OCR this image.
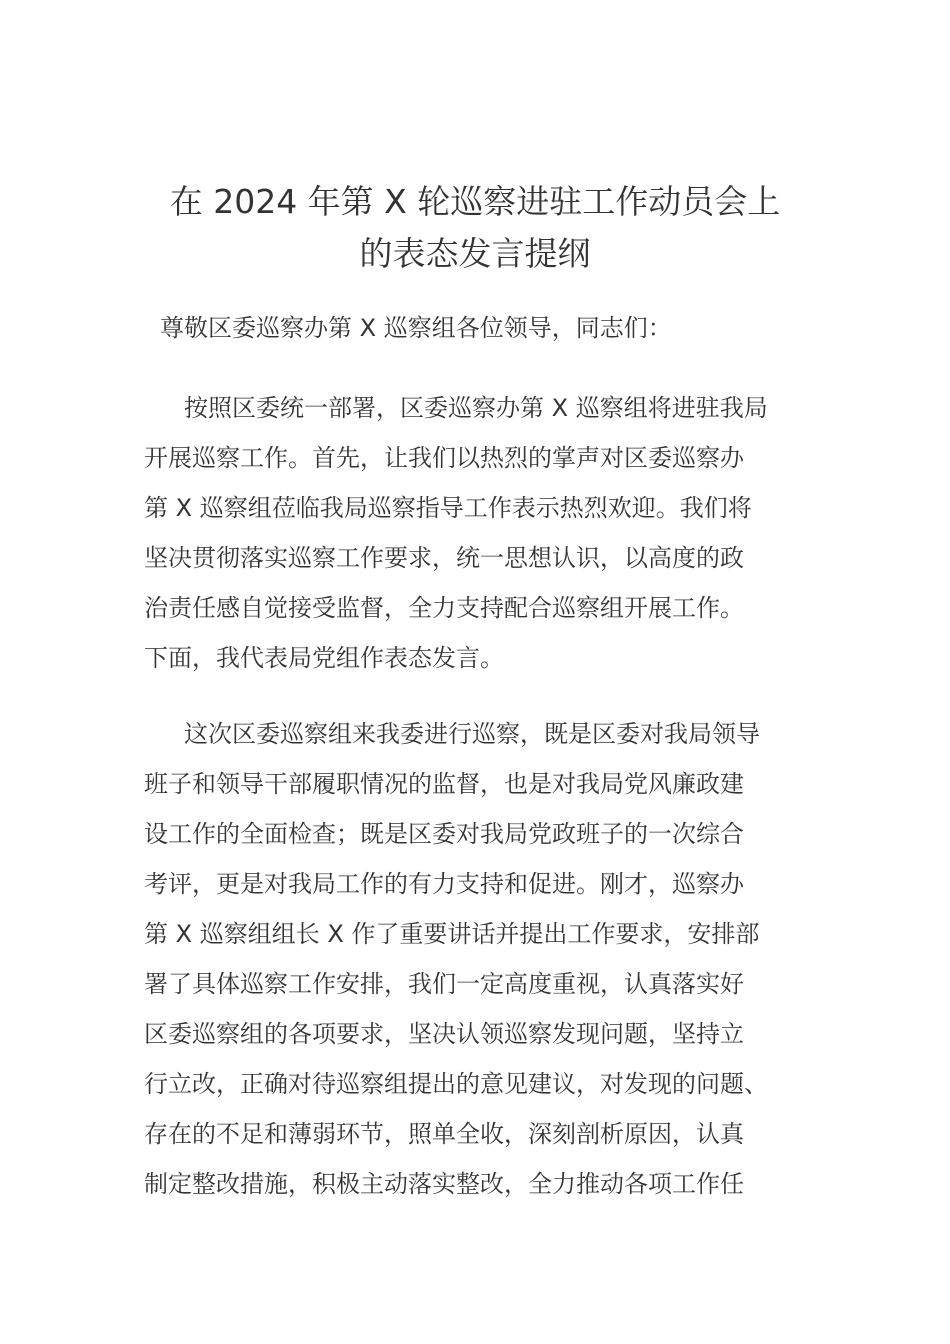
在 2024 年第 X 轮巡察进驻工作动员会上
的表态发言提纲
尊敬区委巡察办第 X 巡察组各位领导，同志们：
按照区委统一部署，区委巡察办第 X 巡察组将进驻我局
开展巡察工作。首先，让我们以热烈的掌声对区委巡察办
第 X 巡察组莅临我局巡察指导工作表示热烈欢迎。我们将
坚决贯彻落实巡察工作要求，统一思想认识，以高度的政
治责任感自觉接受监督，全力支持配合巡察组开展工作。
下面，我代表局党组作表态发言。
这次区委巡察组来我委进行巡察，既是区委对我局领导
班子和领导干部履职情况的监督，也是对我局党风廉政建
设工作的全面检查；既是区委对我局党政班子的一次综合
考评，更是对我局工作的有力支持和促进。刚才，巡察办
第 X 巡察组组长 X 作了重要讲话并提出工作要求，安排部
署了具体巡察工作安排，我们一定高度重视，认真落实好
区委巡察组的各项要求，坚决认领巡察发现问题，坚持立
行立改，正确对待巡察组提出的意见建议，对发现的问题、
存在的不足和薄弱环节，照单全收，深刻剖析原因，认真
制定整改措施，积极主动落实整改，全力推动各项工作任
